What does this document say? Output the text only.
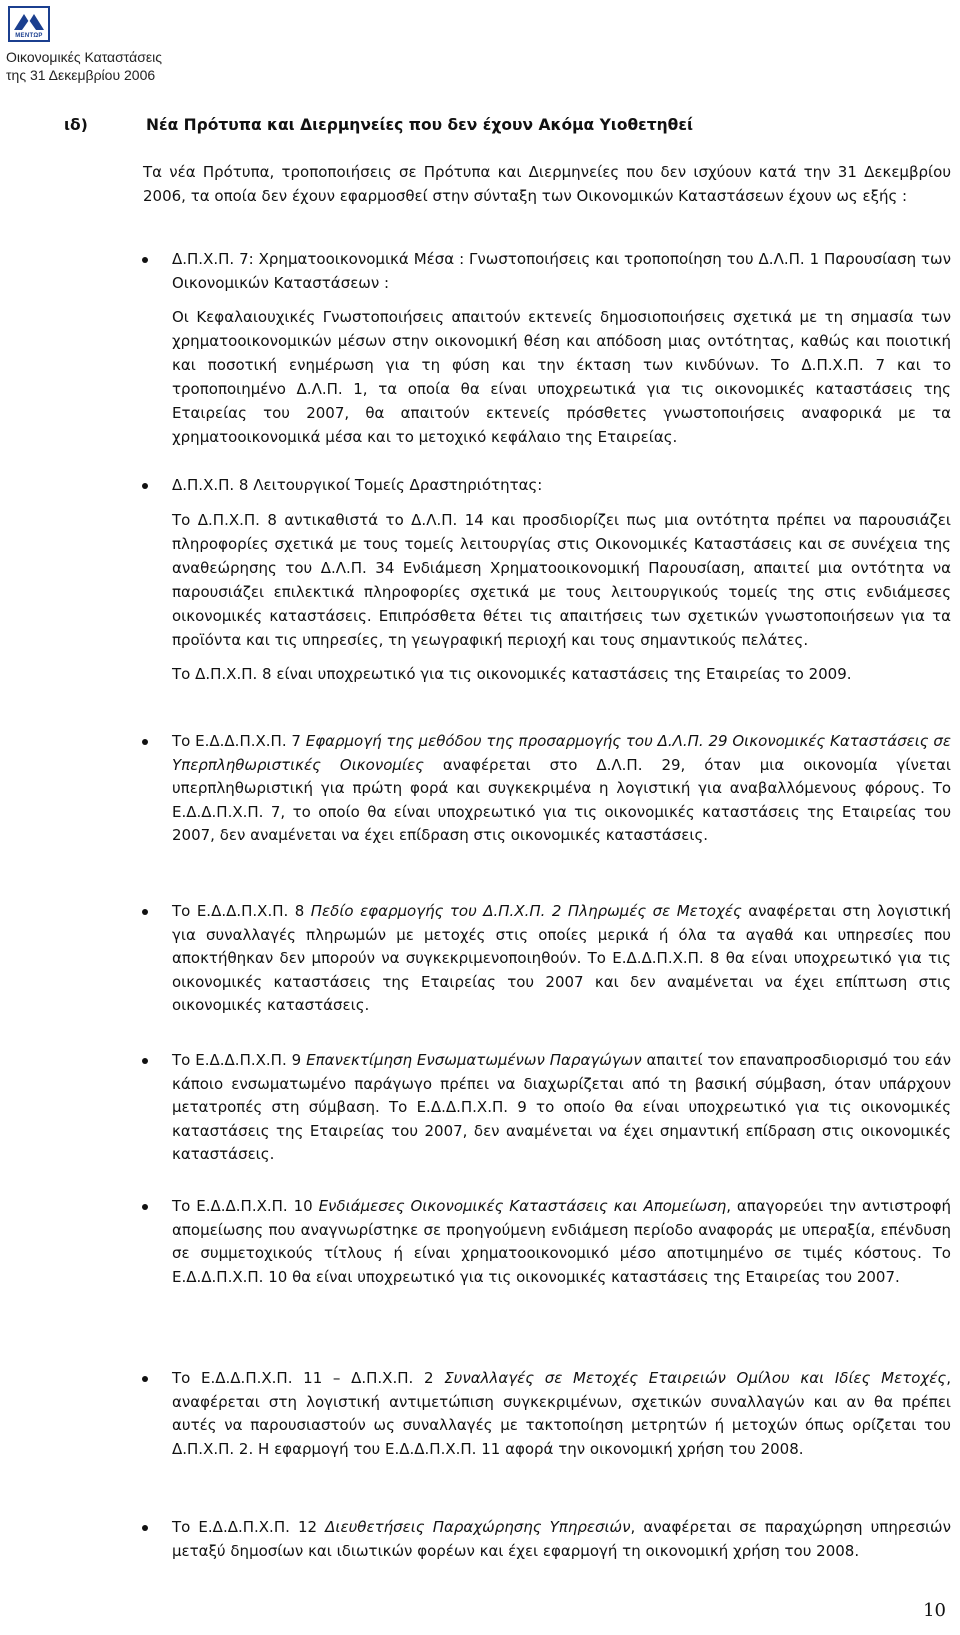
ΜΕΝΤΩΡ
Οικονομικές Καταστάσεις
της 31 Δεκεμβρίου 2006
ιδ)	Νέα Πρότυπα και Διερμηνείες που δεν έχουν Ακόμα Υιοθετηθεί
Τα νέα Πρότυπα, τροποποιήσεις σε Πρότυπα και Διερμηνείες που δεν ισχύουν κατά την 31 Δεκεμβρίου 2006, τα οποία δεν έχουν εφαρμοσθεί στην σύνταξη των Οικονομικών Καταστάσεων έχουν ως εξής :
Δ.Π.Χ.Π. 7: Χρηματοοικονομικά Μέσα : Γνωστοποιήσεις και τροποποίηση του Δ.Λ.Π. 1 Παρουσίαση των Οικονομικών Καταστάσεων :
Οι Κεφαλαιουχικές Γνωστοποιήσεις απαιτούν εκτενείς δημοσιοποιήσεις σχετικά με τη σημασία των χρηματοοικονομικών μέσων στην οικονομική θέση και απόδοση μιας οντότητας, καθώς και ποιοτική και ποσοτική ενημέρωση για τη φύση και την έκταση των κινδύνων. Το Δ.Π.Χ.Π. 7 και το τροποποιημένο Δ.Λ.Π. 1, τα οποία θα είναι υποχρεωτικά για τις οικονομικές καταστάσεις της Εταιρείας του 2007, θα απαιτούν εκτενείς πρόσθετες γνωστοποιήσεις αναφορικά με τα χρηματοοικονομικά μέσα και το μετοχικό κεφάλαιο της Εταιρείας.
Δ.Π.Χ.Π. 8 Λειτουργικοί Τομείς Δραστηριότητας:
Το Δ.Π.Χ.Π. 8 αντικαθιστά το Δ.Λ.Π. 14 και προσδιορίζει πως μια οντότητα πρέπει να παρουσιάζει πληροφορίες σχετικά με τους τομείς λειτουργίας στις Οικονομικές Καταστάσεις και σε συνέχεια της αναθεώρησης του Δ.Λ.Π. 34 Ενδιάμεση Χρηματοοικονομική Παρουσίαση, απαιτεί μια οντότητα να παρουσιάζει επιλεκτικά πληροφορίες σχετικά με τους λειτουργικούς τομείς της στις ενδιάμεσες οικονομικές καταστάσεις. Επιπρόσθετα θέτει τις απαιτήσεις των σχετικών γνωστοποιήσεων για τα προϊόντα και τις υπηρεσίες, τη γεωγραφική περιοχή και τους σημαντικούς πελάτες.
Το Δ.Π.Χ.Π. 8 είναι υποχρεωτικό για τις οικονομικές καταστάσεις της Εταιρείας το 2009.
Το Ε.Δ.Δ.Π.Χ.Π. 7 Εφαρμογή της μεθόδου της προσαρμογής του Δ.Λ.Π. 29 Οικονομικές Καταστάσεις σε Υπερπληθωριστικές Οικονομίες αναφέρεται στο Δ.Λ.Π. 29, όταν μια οικονομία γίνεται υπερπληθωριστική για πρώτη φορά και συγκεκριμένα η λογιστική για αναβαλλόμενους φόρους. Το Ε.Δ.Δ.Π.Χ.Π. 7, το οποίο θα είναι υποχρεωτικό για τις οικονομικές καταστάσεις της Εταιρείας του 2007, δεν αναμένεται να έχει επίδραση στις οικονομικές καταστάσεις.
Το Ε.Δ.Δ.Π.Χ.Π. 8 Πεδίο εφαρμογής του Δ.Π.Χ.Π. 2 Πληρωμές σε Μετοχές αναφέρεται στη λογιστική για συναλλαγές πληρωμών με μετοχές στις οποίες μερικά ή όλα τα αγαθά και υπηρεσίες που αποκτήθηκαν δεν μπορούν να συγκεκριμενοποιηθούν. Το Ε.Δ.Δ.Π.Χ.Π. 8 θα είναι υποχρεωτικό για τις οικονομικές καταστάσεις της Εταιρείας του 2007 και δεν αναμένεται να έχει επίπτωση στις οικονομικές καταστάσεις.
Το Ε.Δ.Δ.Π.Χ.Π. 9 Επανεκτίμηση Ενσωματωμένων Παραγώγων απαιτεί τον επαναπροσδιορισμό του εάν κάποιο ενσωματωμένο παράγωγο πρέπει να διαχωρίζεται από τη βασική σύμβαση, όταν υπάρχουν μετατροπές στη σύμβαση. Το Ε.Δ.Δ.Π.Χ.Π. 9 το οποίο θα είναι υποχρεωτικό για τις οικονομικές καταστάσεις της Εταιρείας του 2007, δεν αναμένεται να έχει σημαντική επίδραση στις οικονομικές καταστάσεις.
Το Ε.Δ.Δ.Π.Χ.Π. 10 Ενδιάμεσες Οικονομικές Καταστάσεις και Απομείωση, απαγορεύει την αντιστροφή απομείωσης που αναγνωρίστηκε σε προηγούμενη ενδιάμεση περίοδο αναφοράς με υπεραξία, επένδυση σε συμμετοχικούς τίτλους ή είναι χρηματοοικονομικό μέσο αποτιμημένο σε τιμές κόστους. Το Ε.Δ.Δ.Π.Χ.Π. 10 θα είναι υποχρεωτικό για τις οικονομικές καταστάσεις της Εταιρείας του 2007.
Το Ε.Δ.Δ.Π.Χ.Π. 11 – Δ.Π.Χ.Π. 2 Συναλλαγές σε Μετοχές Εταιρειών Ομίλου και Ιδίες Μετοχές, αναφέρεται στη λογιστική αντιμετώπιση συγκεκριμένων, σχετικών συναλλαγών και αν θα πρέπει αυτές να παρουσιαστούν ως συναλλαγές με τακτοποίηση μετρητών ή μετοχών όπως ορίζεται του Δ.Π.Χ.Π. 2. Η εφαρμογή του Ε.Δ.Δ.Π.Χ.Π. 11 αφορά την οικονομική χρήση του 2008.
Το Ε.Δ.Δ.Π.Χ.Π. 12 Διευθετήσεις Παραχώρησης Υπηρεσιών, αναφέρεται σε παραχώρηση υπηρεσιών μεταξύ δημοσίων και ιδιωτικών φορέων και έχει εφαρμογή τη οικονομική χρήση του 2008.
10
